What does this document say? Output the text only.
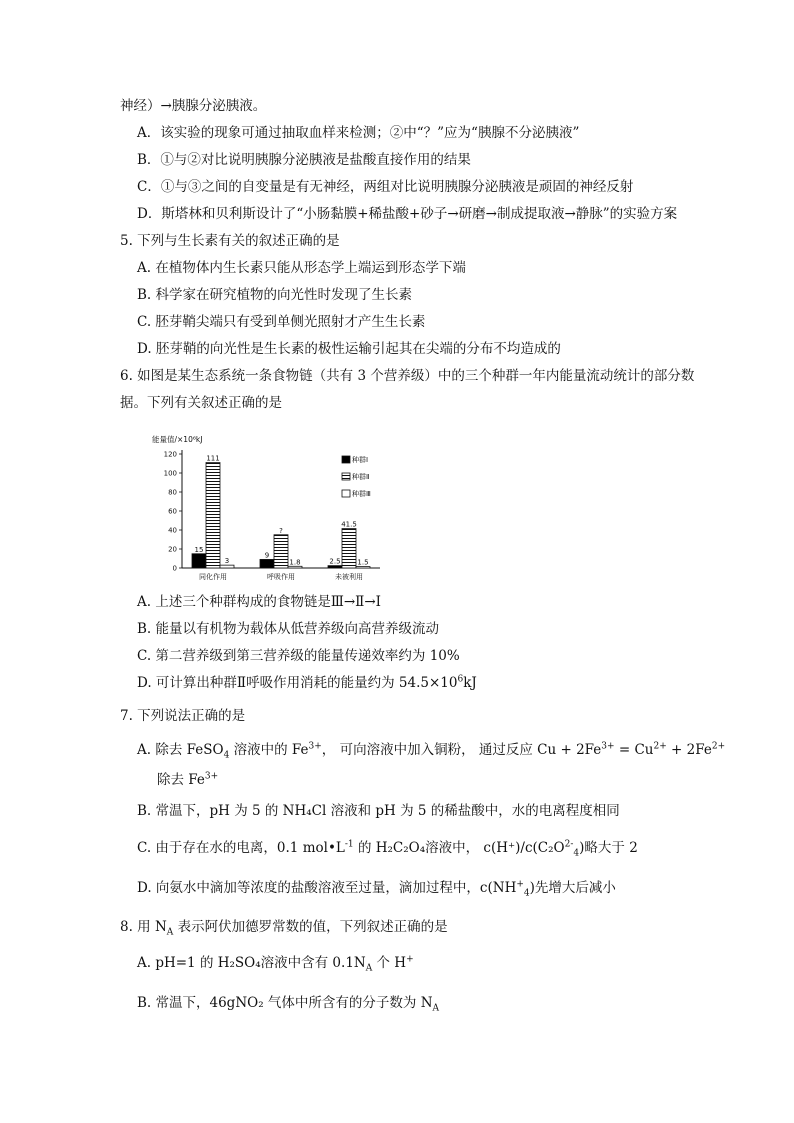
神经）→胰腺分泌胰液。
A．该实验的现象可通过抽取血样来检测；②中“？”应为“胰腺不分泌胰液”
B．①与②对比说明胰腺分泌胰液是盐酸直接作用的结果
C．①与③之间的自变量是有无神经，两组对比说明胰腺分泌胰液是顽固的神经反射
D．斯塔林和贝利斯设计了“小肠黏膜+稀盐酸+砂子→研磨→制成提取液→静脉”的实验方案
5. 下列与生长素有关的叙述正确的是
A. 在植物体内生长素只能从形态学上端运到形态学下端
B. 科学家在研究植物的向光性时发现了生长素
C. 胚芽鞘尖端只有受到单侧光照射才产生生长素
D. 胚芽鞘的向光性是生长素的极性运输引起其在尖端的分布不均造成的
6. 如图是某生态系统一条食物链（共有 3 个营养级）中的三个种群一年内能量流动统计的部分数
据。下列有关叙述正确的是
能量值/×10⁶kJ
0
20
40
60
80
100
120
15
111
3
同化作用
9
?
1.8
呼吸作用
2.5
41.5
1.5
未被利用
种群Ⅰ
种群Ⅱ
种群Ⅲ
A. 上述三个种群构成的食物链是Ⅲ→Ⅱ→Ⅰ
B. 能量以有机物为载体从低营养级向高营养级流动
C. 第二营养级到第三营养级的能量传递效率约为 10%
D. 可计算出种群Ⅱ呼吸作用消耗的能量约为 $54.5\times 10^6kJ$
7. 下列说法正确的是
A. 除去 FeSO$_4$ 溶液中的 $Fe^{3+}$， 可向溶液中加入铜粉， 通过反应 $Cu + 2Fe^{3+} = Cu^{2+} + 2Fe^{2+}$
除去 $Fe^{3+}$
B. 常温下，pH 为 5 的 NH₄Cl 溶液和 pH 为 5 的稀盐酸中，水的电离程度相同
C. 由于存在水的电离，0.1 $mol•L^{-1}$ 的 H₂C₂O₄溶液中， $c(H^+)/c(C_2O^{2-}_4)$略大于 2
D. 向氨水中滴加等浓度的盐酸溶液至过量，滴加过程中，$c(NH^+_4)$先增大后减小
8. 用 $N_A$ 表示阿伏加德罗常数的值，下列叙述正确的是
A. pH=1 的 H₂SO₄溶液中含有 $0.1N_A$ 个 H+
B. 常温下，46gNO₂ 气体中所含有的分子数为 $N_A$
